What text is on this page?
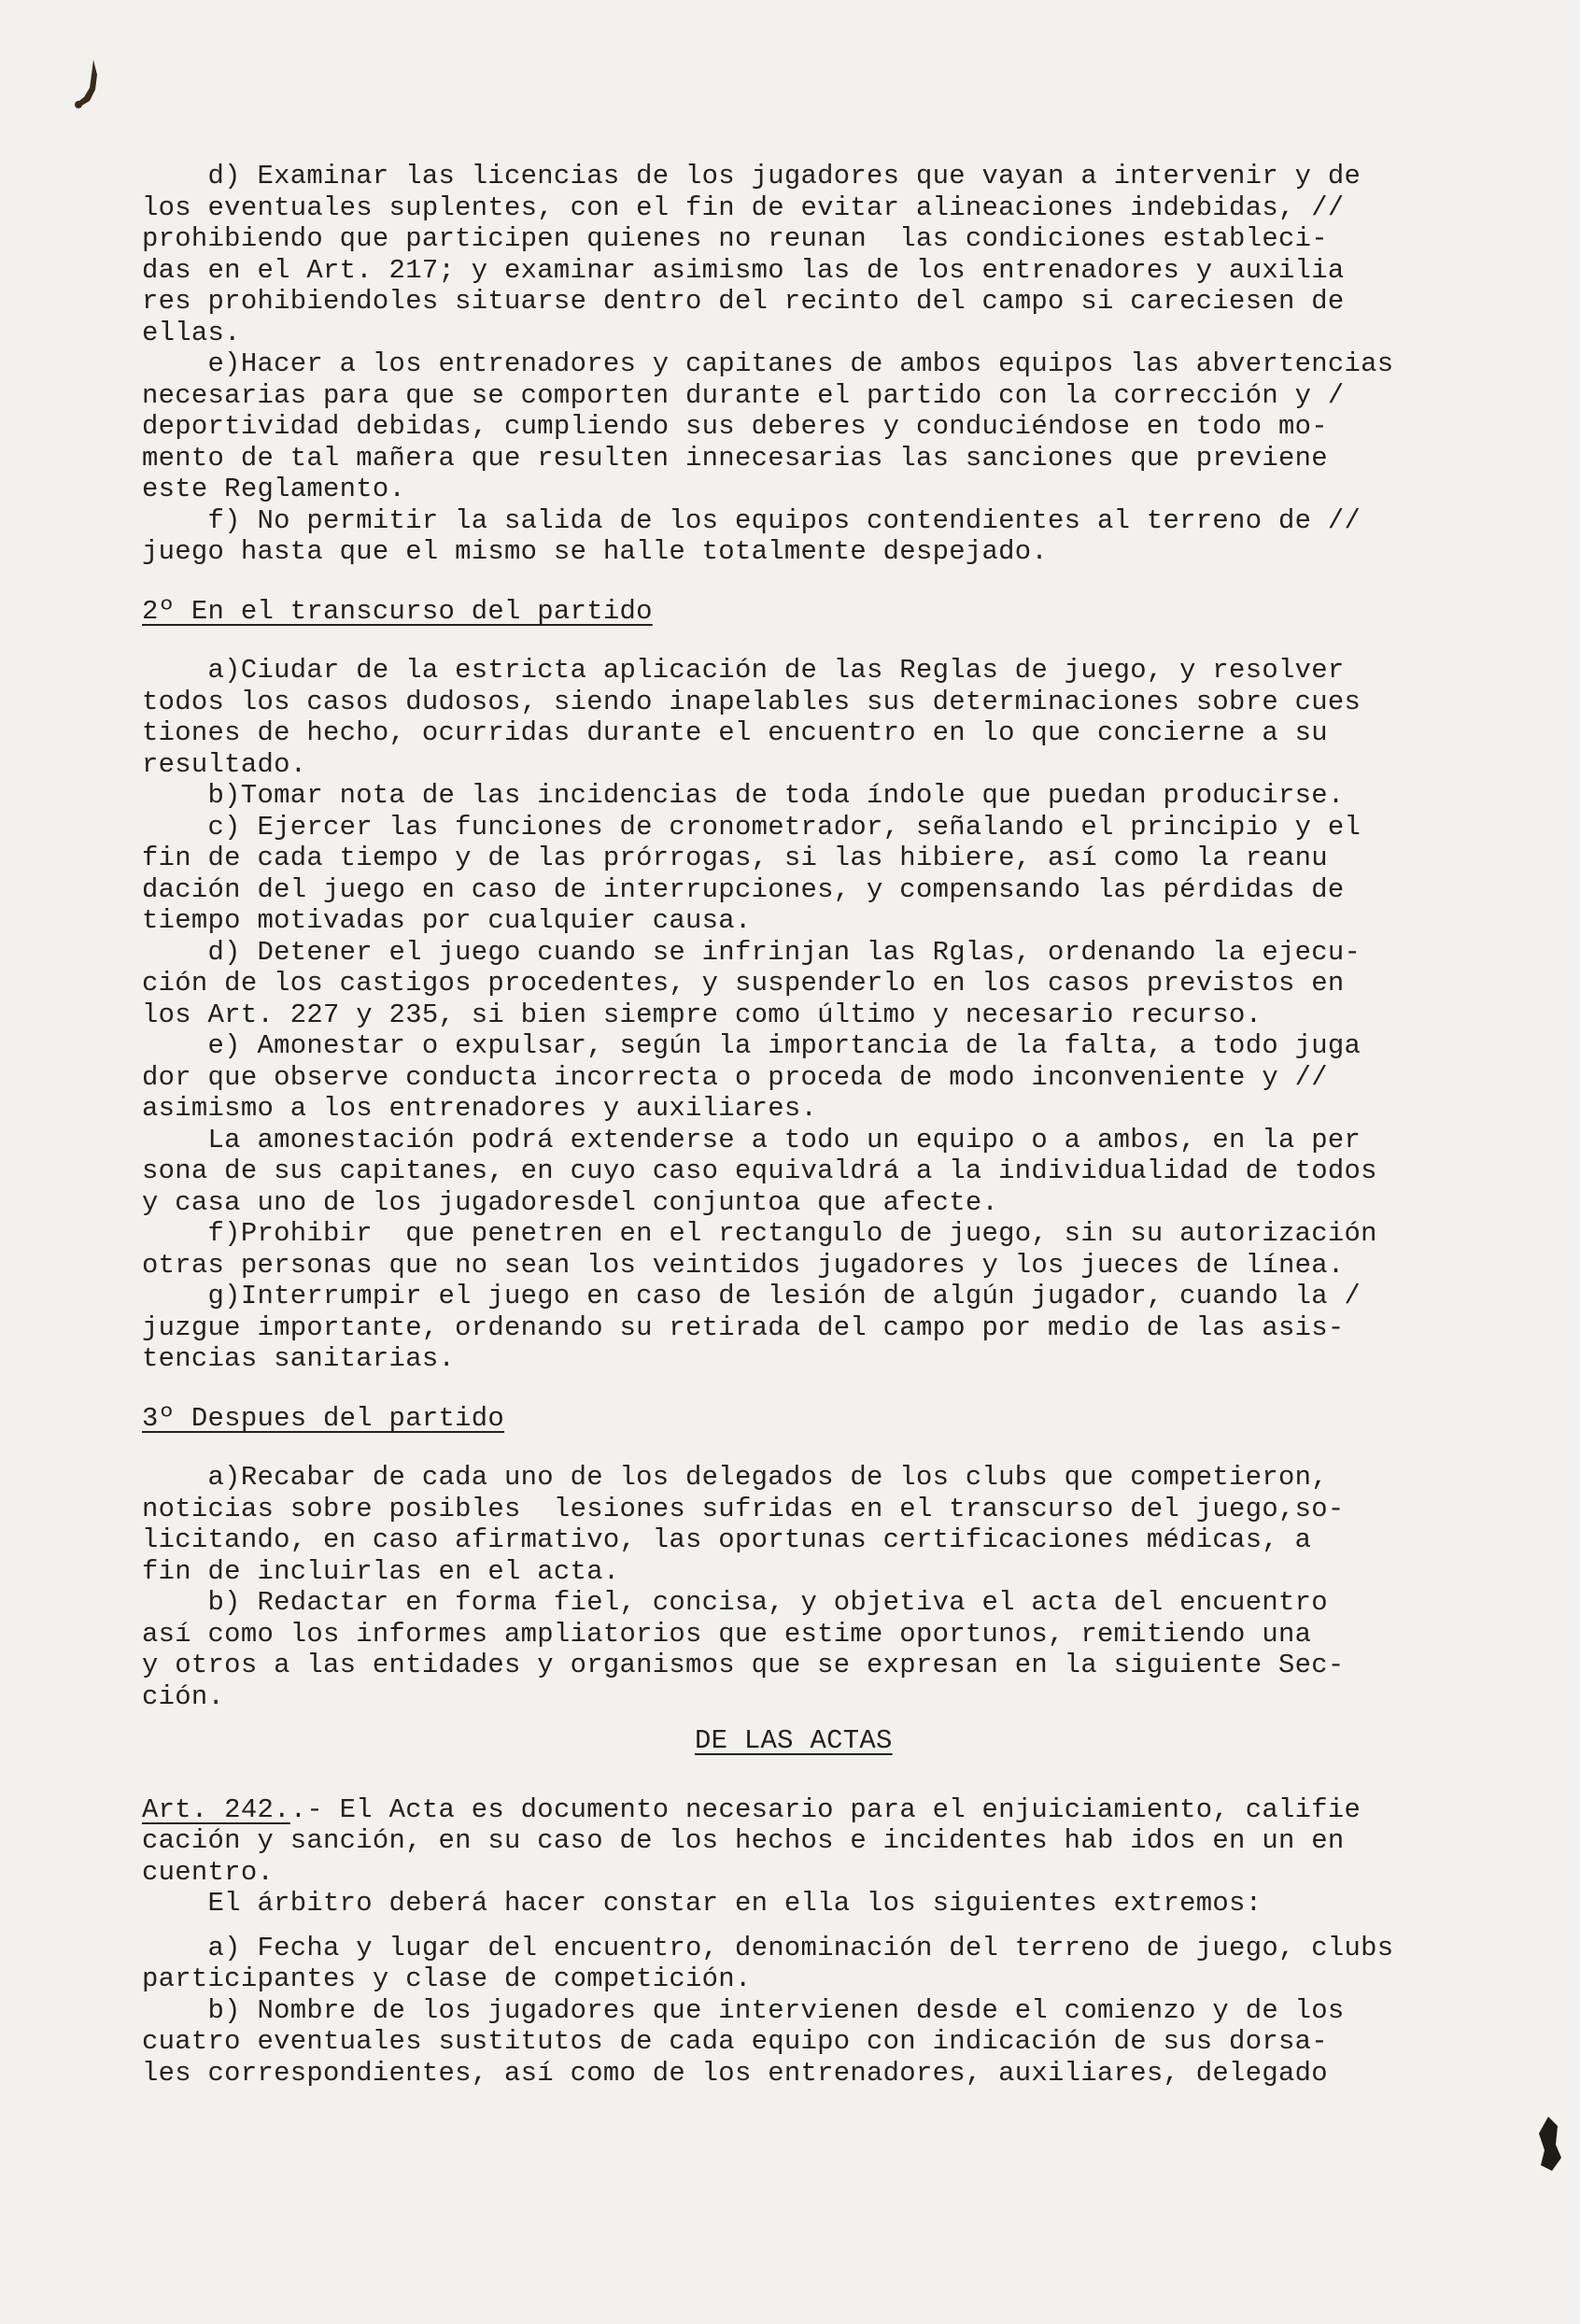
d) Examinar las licencias de los jugadores que vayan a intervenir y de
los eventuales suplentes, con el fin de evitar alineaciones indebidas, //
prohibiendo que participen quienes no reunan  las condiciones estableci-
das en el Art. 217; y examinar asimismo las de los entrenadores y auxilia
res prohibiendoles situarse dentro del recinto del campo si careciesen de
ellas.
e)Hacer a los entrenadores y capitanes de ambos equipos las abvertencias
necesarias para que se comporten durante el partido con la corrección y /
deportividad debidas, cumpliendo sus deberes y conduciéndose en todo mo-
mento de tal mañera que resulten innecesarias las sanciones que previene
este Reglamento.
f) No permitir la salida de los equipos contendientes al terreno de //
juego hasta que el mismo se halle totalmente despejado.
2º En el transcurso del partido
a)Ciudar de la estricta aplicación de las Reglas de juego, y resolver
todos los casos dudosos, siendo inapelables sus determinaciones sobre cues
tiones de hecho, ocurridas durante el encuentro en lo que concierne a su
resultado.
b)Tomar nota de las incidencias de toda índole que puedan producirse.
c) Ejercer las funciones de cronometrador, señalando el principio y el
fin de cada tiempo y de las prórrogas, si las hibiere, así como la reanu
dación del juego en caso de interrupciones, y compensando las pérdidas de
tiempo motivadas por cualquier causa.
d) Detener el juego cuando se infrinjan las Rglas, ordenando la ejecu-
ción de los castigos procedentes, y suspenderlo en los casos previstos en
los Art. 227 y 235, si bien siempre como último y necesario recurso.
e) Amonestar o expulsar, según la importancia de la falta, a todo juga
dor que observe conducta incorrecta o proceda de modo inconveniente y //
asimismo a los entrenadores y auxiliares.
La amonestación podrá extenderse a todo un equipo o a ambos, en la per
sona de sus capitanes, en cuyo caso equivaldrá a la individualidad de todos
y casa uno de los jugadoresdel conjuntoa que afecte.
f)Prohibir  que penetren en el rectangulo de juego, sin su autorización
otras personas que no sean los veintidos jugadores y los jueces de línea.
g)Interrumpir el juego en caso de lesión de algún jugador, cuando la /
juzgue importante, ordenando su retirada del campo por medio de las asis-
tencias sanitarias.
3º Despues del partido
a)Recabar de cada uno de los delegados de los clubs que competieron,
noticias sobre posibles  lesiones sufridas en el transcurso del juego,so-
licitando, en caso afirmativo, las oportunas certificaciones médicas, a
fin de incluirlas en el acta.
b) Redactar en forma fiel, concisa, y objetiva el acta del encuentro
así como los informes ampliatorios que estime oportunos, remitiendo una
y otros a las entidades y organismos que se expresan en la siguiente Sec-
ción.
DE LAS ACTAS
Art. 242..- El Acta es documento necesario para el enjuiciamiento, califie
cación y sanción, en su caso de los hechos e incidentes hab idos en un en
cuentro.
El árbitro deberá hacer constar en ella los siguientes extremos:
a) Fecha y lugar del encuentro, denominación del terreno de juego, clubs
participantes y clase de competición.
b) Nombre de los jugadores que intervienen desde el comienzo y de los
cuatro eventuales sustitutos de cada equipo con indicación de sus dorsa-
les correspondientes, así como de los entrenadores, auxiliares, delegado
